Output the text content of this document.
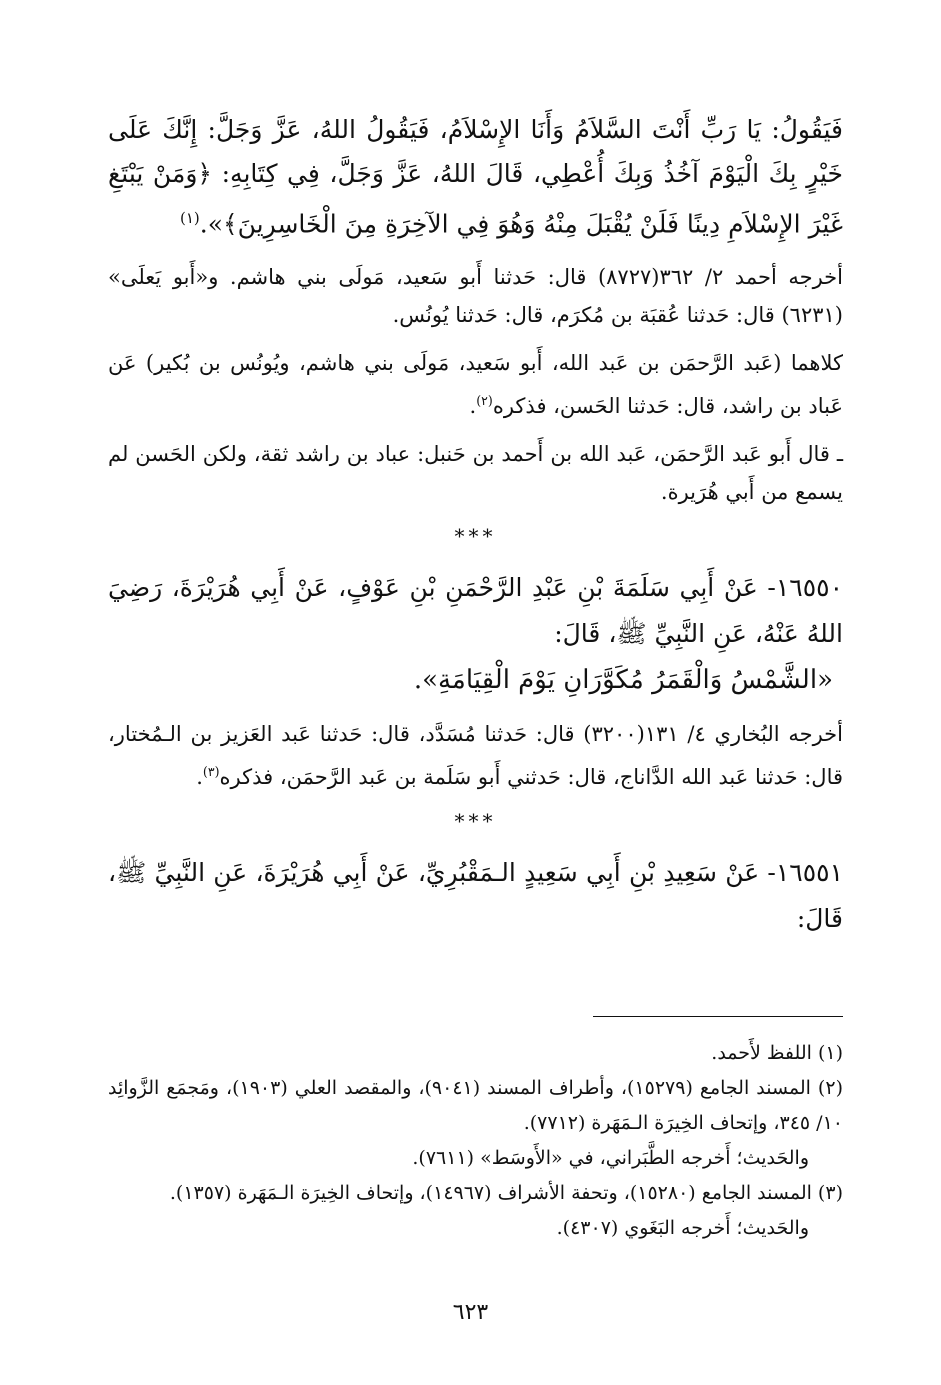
فَيَقُولُ: يَا رَبِّ أَنْتَ السَّلاَمُ وَأَنَا الإِسْلاَمُ، فَيَقُولُ اللهُ، عَزَّ وَجَلَّ: إِنَّكَ عَلَى خَيْرٍ بِكَ الْيَوْمَ آخُذُ وَبِكَ أُعْطِي، قَالَ اللهُ، عَزَّ وَجَلَّ، فِي كِتَابِهِ: ﴿وَمَنْ يَبْتَغِ غَيْرَ الإِسْلاَمِ دِينًا فَلَنْ يُقْبَلَ مِنْهُ وَهُوَ فِي الآخِرَةِ مِنَ الْخَاسِرِينَ﴾».$^{(١)}$

أخرجه أحمد ٢/ ٣٦٢(٨٧٢٧) قال: حَدثنا أَبو سَعيد، مَولَى بني هاشم. و«أَبو يَعلَى» (٦٢٣١) قال: حَدثنا عُقبَة بن مُكرَم، قال: حَدثنا يُونُس.

كلاهما (عَبد الرَّحمَن بن عَبد الله، أَبو سَعيد، مَولَى بني هاشم، ويُونُس بن بُكير) عَن عَباد بن راشد، قال: حَدثنا الحَسن، فذكره$^{(٢)}$.

ـ قال أَبو عَبد الرَّحمَن، عَبد الله بن أَحمد بن حَنبل: عباد بن راشد ثقة، ولكن الحَسن لم يسمع من أَبي هُرَيرة.

***

١٦٥٥٠- عَنْ أَبِي سَلَمَةَ بْنِ عَبْدِ الرَّحْمَنِ بْنِ عَوْفٍ، عَنْ أَبِي هُرَيْرَةَ، رَضِيَ اللهُ عَنْهُ، عَنِ النَّبِيِّ ﷺ، قَالَ:

«الشَّمْسُ وَالْقَمَرُ مُكَوَّرَانِ يَوْمَ الْقِيَامَةِ».

أخرجه البُخاري ٤/ ١٣١(٣٢٠٠) قال: حَدثنا مُسَدَّد، قال: حَدثنا عَبد العَزيز بن الـمُختار، قال: حَدثنا عَبد الله الدَّاناج، قال: حَدثني أَبو سَلَمة بن عَبد الرَّحمَن، فذكره$^{(٣)}$.

***

١٦٥٥١- عَنْ سَعِيدِ بْنِ أَبِي سَعِيدٍ الـمَقْبُرِيِّ، عَنْ أَبِي هُرَيْرَةَ، عَنِ النَّبِيِّ ﷺ، قَالَ:

(١) اللفظ لأَحمد.

(٢) المسند الجامع (١٥٢٧٩)، وأطراف المسند (٩٠٤١)، والمقصد العلي (١٩٠٣)، ومَجمَع الزَّوائِد ١٠/ ٣٤٥، وإتحاف الخِيرَة الـمَهَرة (٧٧١٢).

والحَديث؛ أَخرجه الطَّبَراني، في «الأَوسَط» (٧٦١١).

(٣) المسند الجامع (١٥٢٨٠)، وتحفة الأشراف (١٤٩٦٧)، وإتحاف الخِيرَة الـمَهَرة (١٣٥٧).

والحَديث؛ أَخرجه البَغَوي (٤٣٠٧).

٦٢٣
